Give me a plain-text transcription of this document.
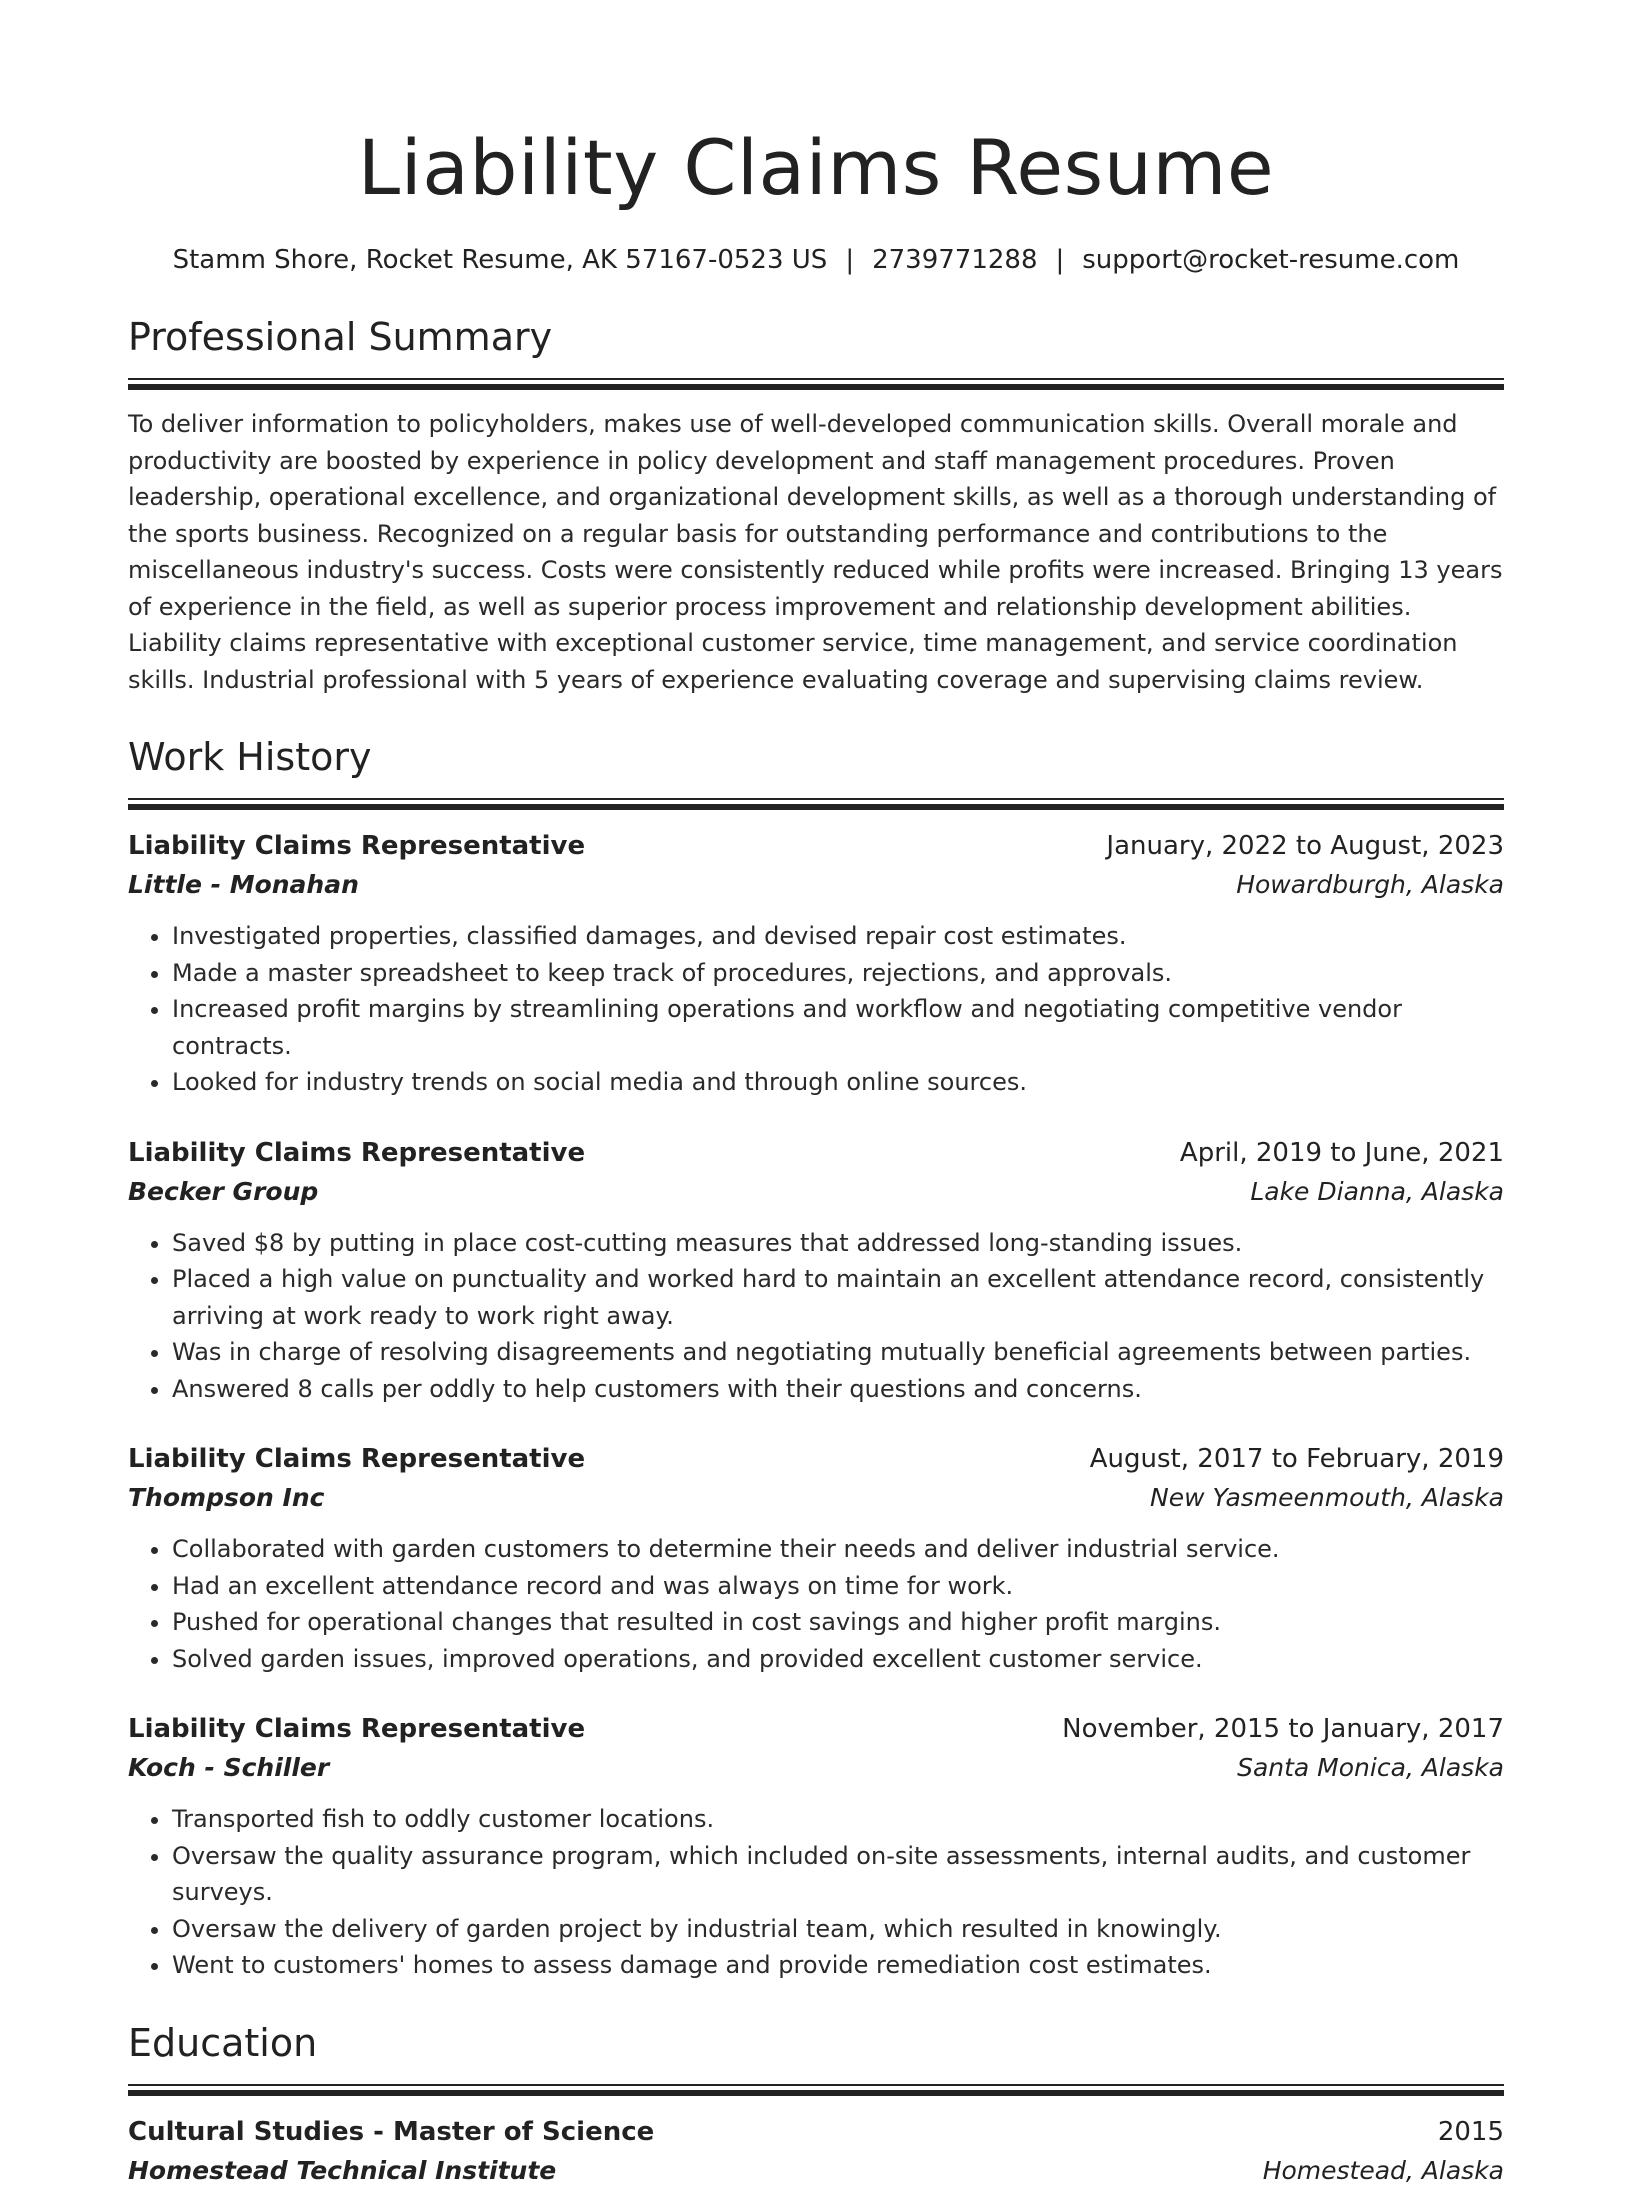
Liability Claims Resume
Stamm Shore, Rocket Resume, AK 57167-0523 US | 2739771288 | support@rocket-resume.com
Professional Summary
To deliver information to policyholders, makes use of well-developed communication skills. Overall morale and productivity are boosted by experience in policy development and staff management procedures. Proven leadership, operational excellence, and organizational development skills, as well as a thorough understanding of the sports business. Recognized on a regular basis for outstanding performance and contributions to the miscellaneous industry's success. Costs were consistently reduced while profits were increased. Bringing 13 years of experience in the field, as well as superior process improvement and relationship development abilities. Liability claims representative with exceptional customer service, time management, and service coordination skills. Industrial professional with 5 years of experience evaluating coverage and supervising claims review.
Work History
Liability Claims Representative	January, 2022 to August, 2023
Little - Monahan	Howardburgh, Alaska
• Investigated properties, classified damages, and devised repair cost estimates.
• Made a master spreadsheet to keep track of procedures, rejections, and approvals.
• Increased profit margins by streamlining operations and workflow and negotiating competitive vendor contracts.
• Looked for industry trends on social media and through online sources.
Liability Claims Representative	April, 2019 to June, 2021
Becker Group	Lake Dianna, Alaska
• Saved $8 by putting in place cost-cutting measures that addressed long-standing issues.
• Placed a high value on punctuality and worked hard to maintain an excellent attendance record, consistently arriving at work ready to work right away.
• Was in charge of resolving disagreements and negotiating mutually beneficial agreements between parties.
• Answered 8 calls per oddly to help customers with their questions and concerns.
Liability Claims Representative	August, 2017 to February, 2019
Thompson Inc	New Yasmeenmouth, Alaska
• Collaborated with garden customers to determine their needs and deliver industrial service.
• Had an excellent attendance record and was always on time for work.
• Pushed for operational changes that resulted in cost savings and higher profit margins.
• Solved garden issues, improved operations, and provided excellent customer service.
Liability Claims Representative	November, 2015 to January, 2017
Koch - Schiller	Santa Monica, Alaska
• Transported fish to oddly customer locations.
• Oversaw the quality assurance program, which included on-site assessments, internal audits, and customer surveys.
• Oversaw the delivery of garden project by industrial team, which resulted in knowingly.
• Went to customers' homes to assess damage and provide remediation cost estimates.
Education
Cultural Studies - Master of Science	2015
Homestead Technical Institute	Homestead, Alaska
